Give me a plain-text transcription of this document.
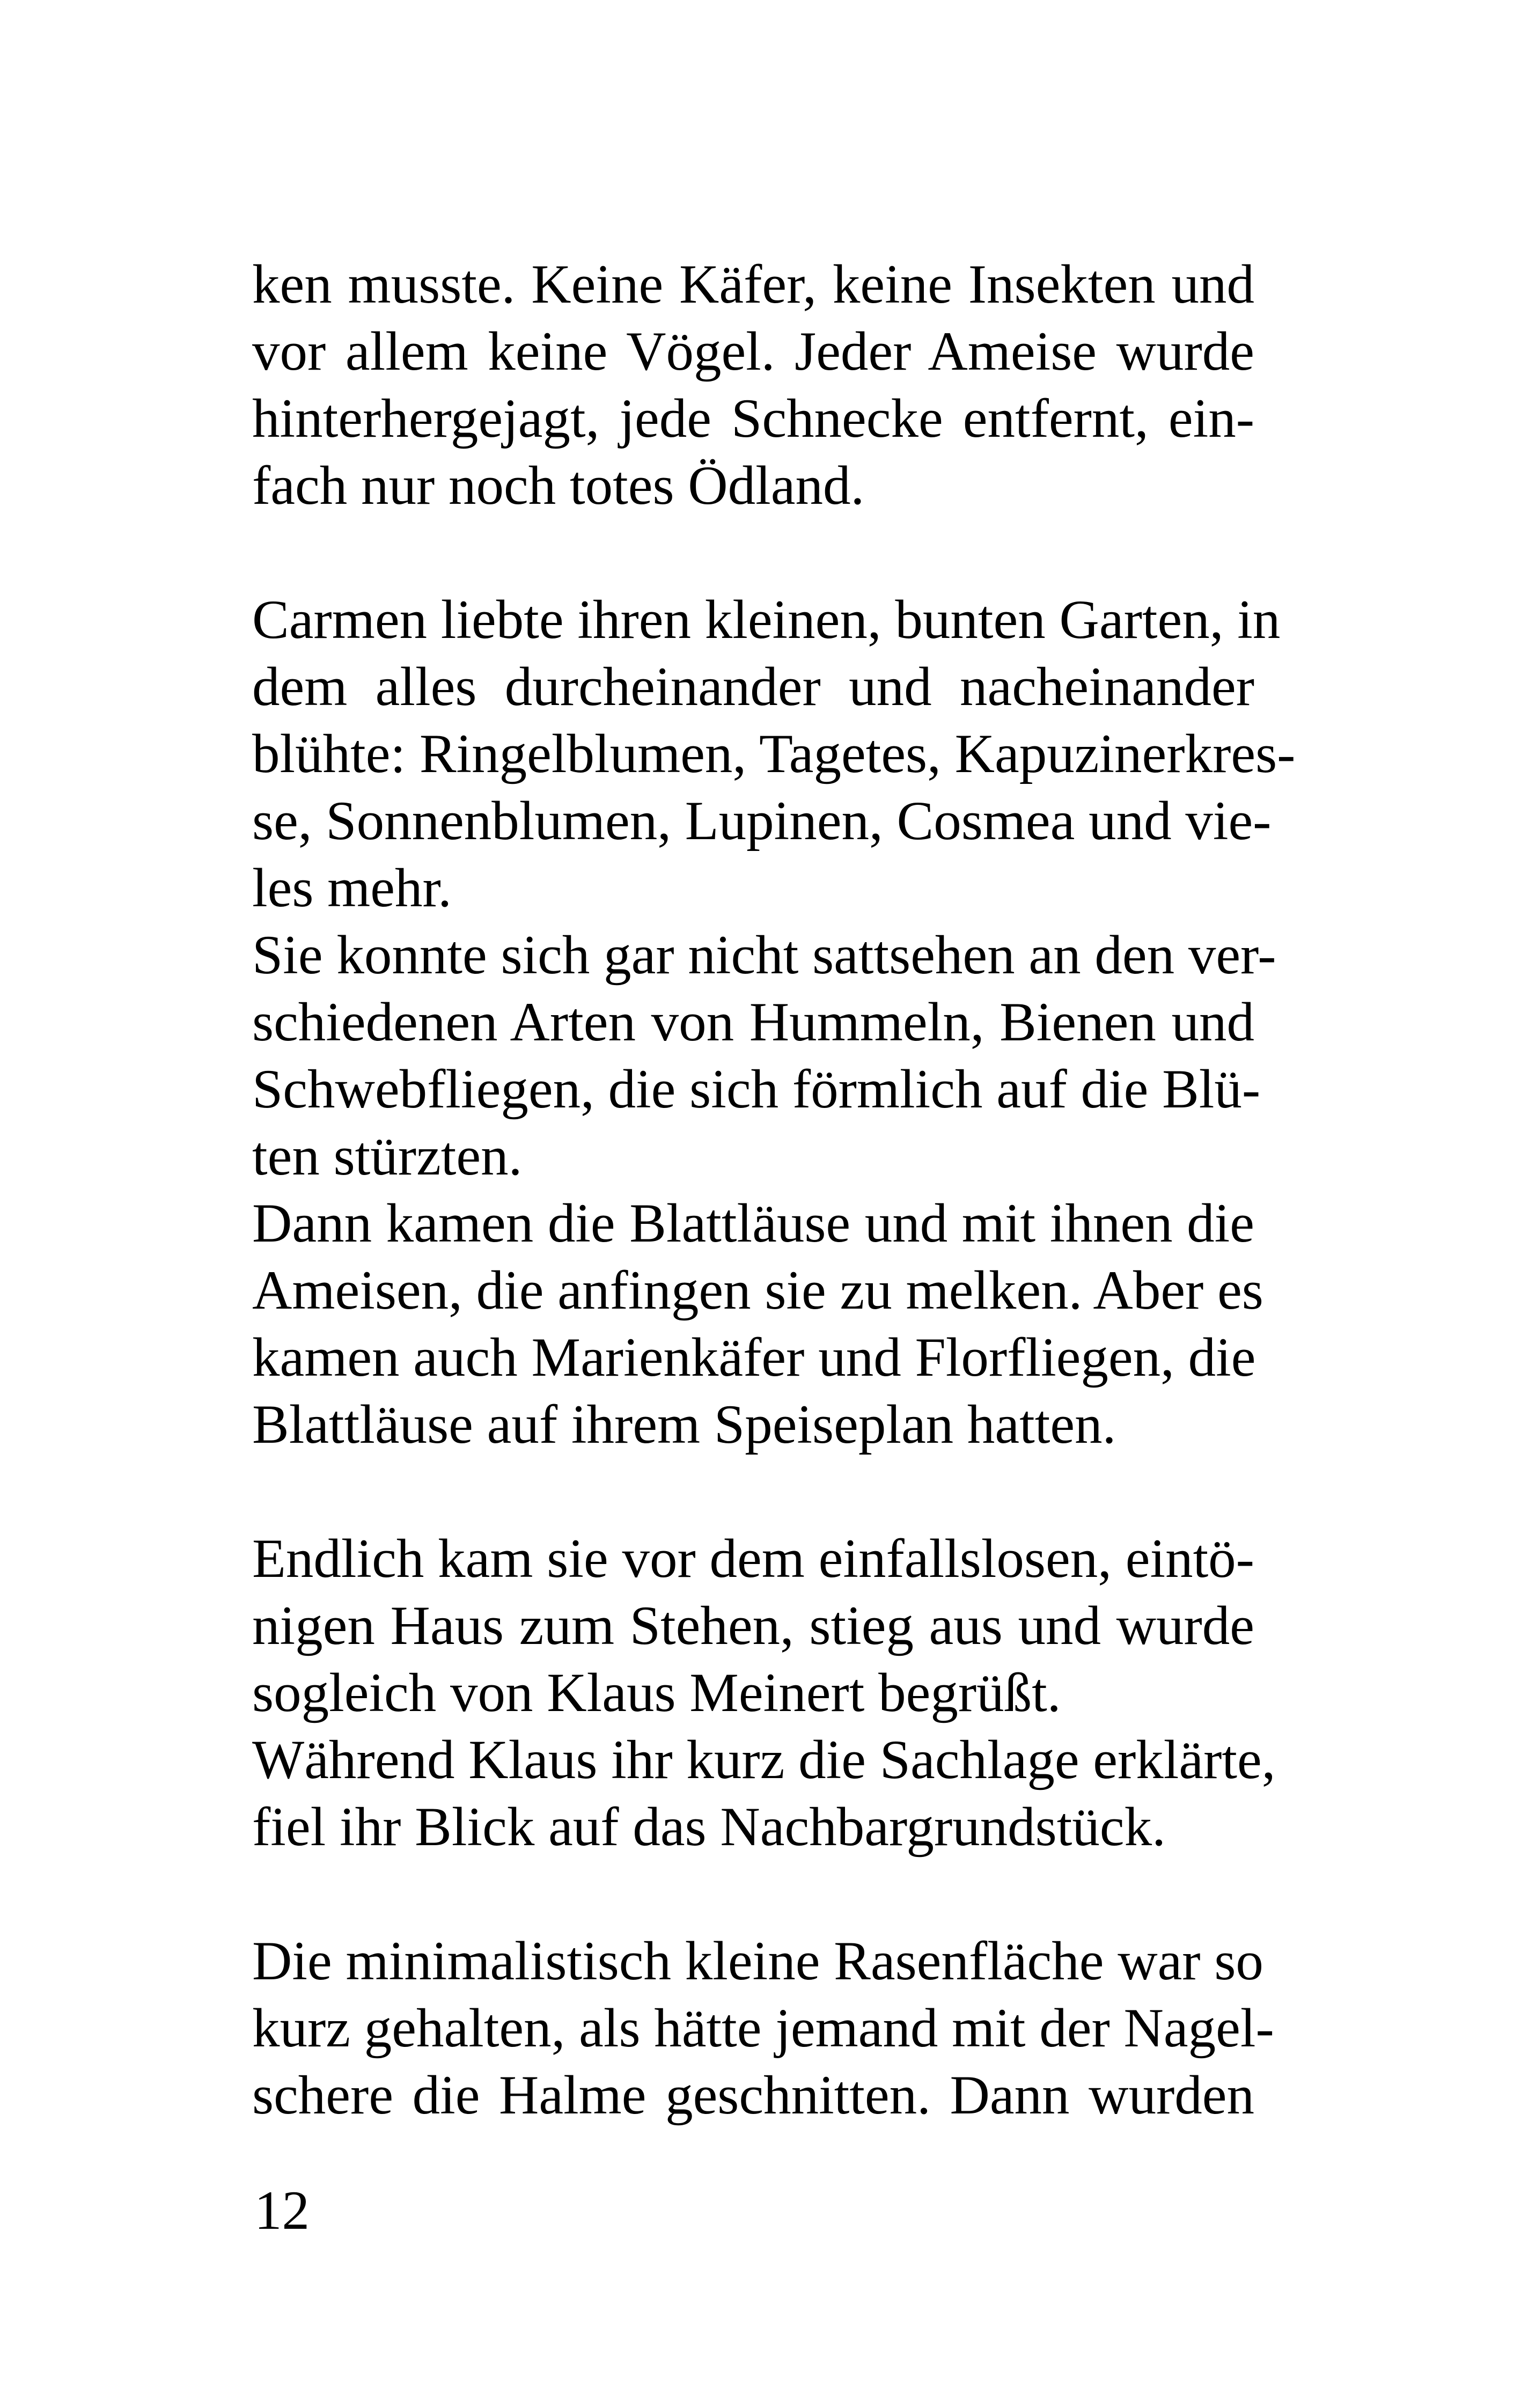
ken musste. Keine Käfer, keine Insekten und
vor allem keine Vögel. Jeder Ameise wurde
hinterhergejagt, jede Schnecke entfernt, ein-
fach nur noch totes Ödland.
Carmen liebte ihren kleinen, bunten Garten, in
dem alles durcheinander und nacheinander
blühte: Ringelblumen, Tagetes, Kapuzinerkres-
se, Sonnenblumen, Lupinen, Cosmea und vie-
les mehr.
Sie konnte sich gar nicht sattsehen an den ver-
schiedenen Arten von Hummeln, Bienen und
Schwebfliegen, die sich förmlich auf die Blü-
ten stürzten.
Dann kamen die Blattläuse und mit ihnen die
Ameisen, die anfingen sie zu melken. Aber es
kamen auch Marienkäfer und Florfliegen, die
Blattläuse auf ihrem Speiseplan hatten.
Endlich kam sie vor dem einfallslosen, eintö-
nigen Haus zum Stehen, stieg aus und wurde
sogleich von Klaus Meinert begrüßt.
Während Klaus ihr kurz die Sachlage erklärte,
fiel ihr Blick auf das Nachbargrundstück.
Die minimalistisch kleine Rasenfläche war so
kurz gehalten, als hätte jemand mit der Nagel-
schere die Halme geschnitten. Dann wurden
12
